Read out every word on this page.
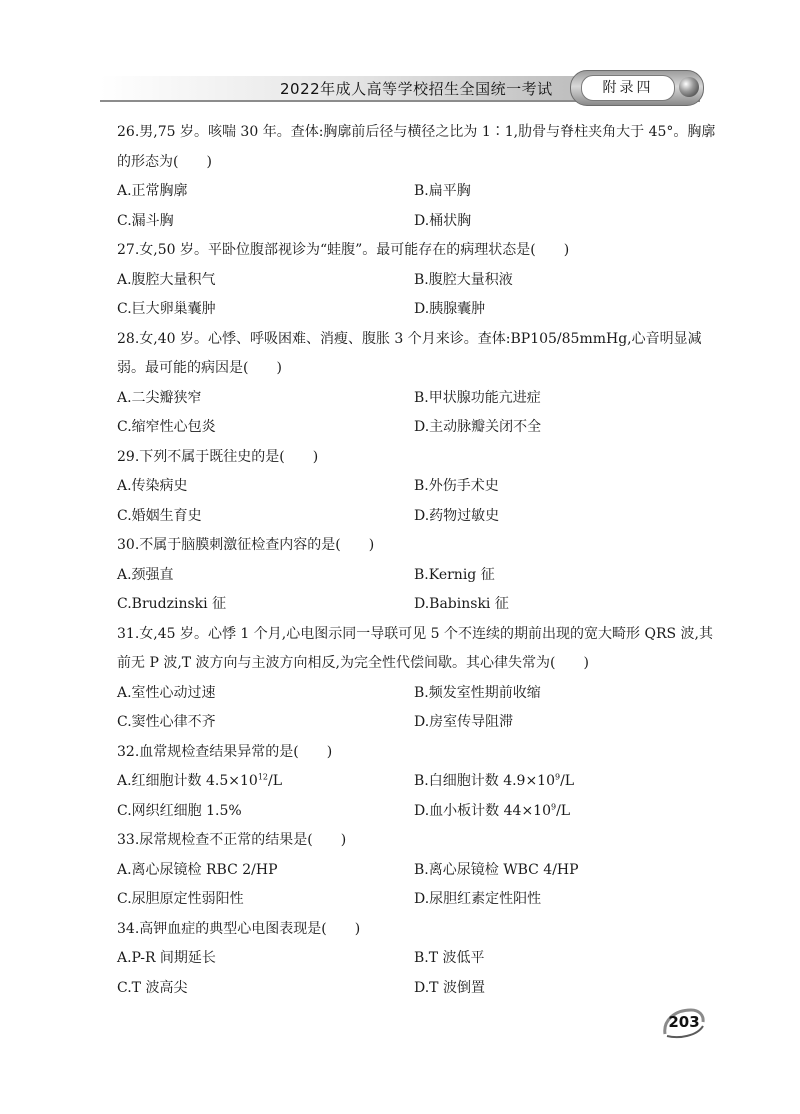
2022年成人高等学校招生全国统一考试	附录四

26.男,75 岁。咳喘 30 年。查体:胸廓前后径与横径之比为 1∶1,肋骨与脊柱夹角大于 45°。胸廓的形态为(　　)

A.正常胸廓	B.扁平胸
C.漏斗胸	D.桶状胸

27.女,50 岁。平卧位腹部视诊为“蛙腹”。最可能存在的病理状态是(　　)

A.腹腔大量积气	B.腹腔大量积液
C.巨大卵巢囊肿	D.胰腺囊肿

28.女,40 岁。心悸、呼吸困难、消瘦、腹胀 3 个月来诊。查体:BP105/85mmHg,心音明显减弱。最可能的病因是(　　)

A.二尖瓣狭窄	B.甲状腺功能亢进症
C.缩窄性心包炎	D.主动脉瓣关闭不全

29.下列不属于既往史的是(　　)

A.传染病史	B.外伤手术史
C.婚姻生育史	D.药物过敏史

30.不属于脑膜刺激征检查内容的是(　　)

A.颈强直	B.Kernig 征
C.Brudzinski 征	D.Babinski 征

31.女,45 岁。心悸 1 个月,心电图示同一导联可见 5 个不连续的期前出现的宽大畸形 QRS 波,其前无 P 波,T 波方向与主波方向相反,为完全性代偿间歇。其心律失常为(　　)

A.室性心动过速	B.频发室性期前收缩
C.窦性心律不齐	D.房室传导阻滞

32.血常规检查结果异常的是(　　)

A.红细胞计数 $4.5\times 10^{12}/L$	B.白细胞计数 $4.9\times 10^9/L$
C.网织红细胞 1.5%	D.血小板计数 $44\times 10^9/L$

33.尿常规检查不正常的结果是(　　)

A.离心尿镜检 RBC 2/HP	B.离心尿镜检 WBC 4/HP
C.尿胆原定性弱阳性	D.尿胆红素定性阳性

34.高钾血症的典型心电图表现是(　　)

A.P-R 间期延长	B.T 波低平
C.T 波高尖	D.T 波倒置
203
